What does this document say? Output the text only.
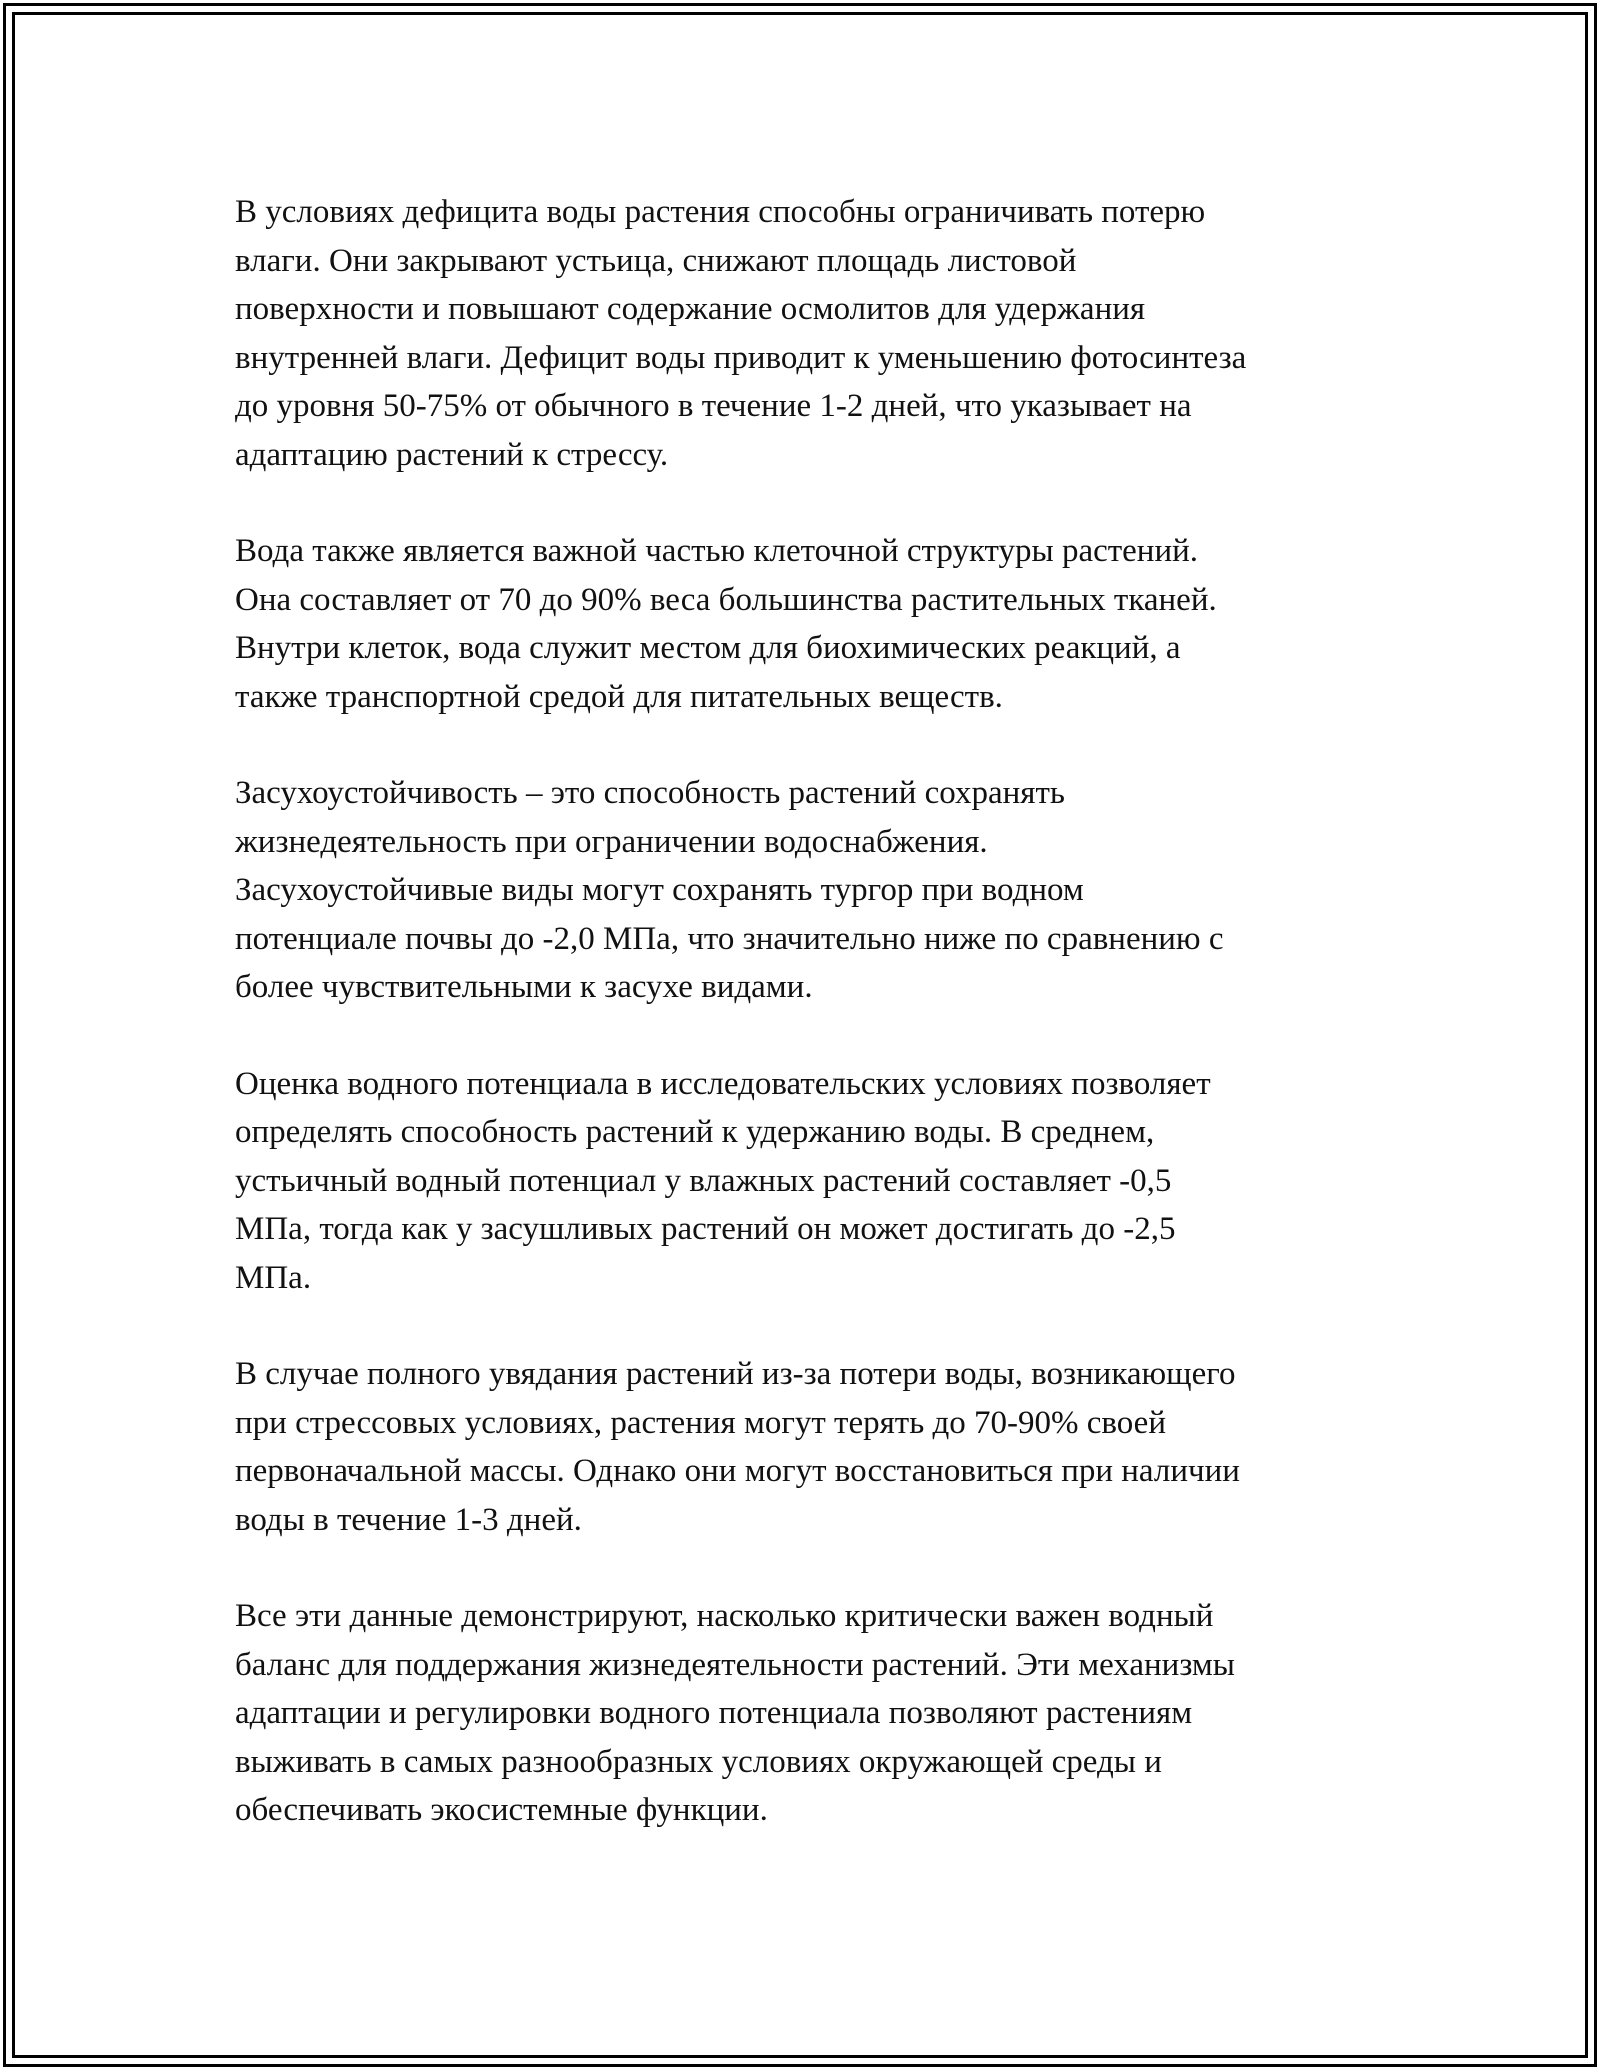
В условиях дефицита воды растения способны ограничивать потерю
влаги. Они закрывают устьица, снижают площадь листовой
поверхности и повышают содержание осмолитов для удержания
внутренней влаги. Дефицит воды приводит к уменьшению фотосинтеза
до уровня 50-75% от обычного в течение 1-2 дней, что указывает на
адаптацию растений к стрессу.

Вода также является важной частью клеточной структуры растений.
Она составляет от 70 до 90% веса большинства растительных тканей.
Внутри клеток, вода служит местом для биохимических реакций, а
также транспортной средой для питательных веществ.

Засухоустойчивость – это способность растений сохранять
жизнедеятельность при ограничении водоснабжения.
Засухоустойчивые виды могут сохранять тургор при водном
потенциале почвы до -2,0 МПа, что значительно ниже по сравнению с
более чувствительными к засухе видами.

Оценка водного потенциала в исследовательских условиях позволяет
определять способность растений к удержанию воды. В среднем,
устьичный водный потенциал у влажных растений составляет -0,5
МПа, тогда как у засушливых растений он может достигать до -2,5
МПа.

В случае полного увядания растений из-за потери воды, возникающего
при стрессовых условиях, растения могут терять до 70-90% своей
первоначальной массы. Однако они могут восстановиться при наличии
воды в течение 1-3 дней.

Все эти данные демонстрируют, насколько критически важен водный
баланс для поддержания жизнедеятельности растений. Эти механизмы
адаптации и регулировки водного потенциала позволяют растениям
выживать в самых разнообразных условиях окружающей среды и
обеспечивать экосистемные функции.
